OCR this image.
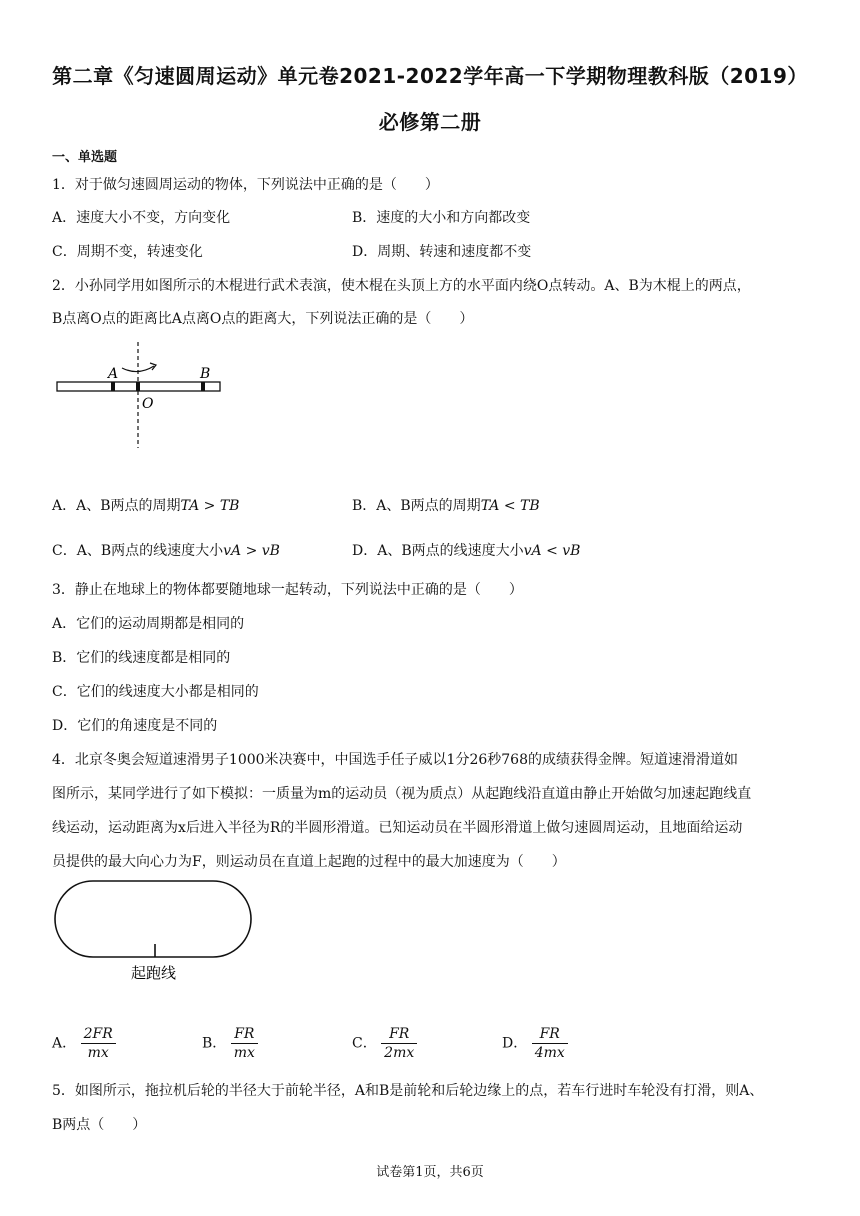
第二章《匀速圆周运动》单元卷2021-2022学年高一下学期物理教科版（2019）
必修第二册
一、单选题
1．对于做匀速圆周运动的物体，下列说法中正确的是（　　）
A．速度大小不变，方向变化	B．速度的大小和方向都改变
C．周期不变，转速变化	D．周期、转速和速度都不变
2．小孙同学用如图所示的木棍进行武术表演，使木棍在头顶上方的水平面内绕O点转动。A、B为木棍上的两点，
B点离O点的距离比A点离O点的距离大，下列说法正确的是（　　）
A	B
O
A．A、B两点的周期TA > TB	B．A、B两点的周期TA < TB
C．A、B两点的线速度大小vA > vB	D．A、B两点的线速度大小vA < vB
3．静止在地球上的物体都要随地球一起转动，下列说法中正确的是（　　）
A．它们的运动周期都是相同的
B．它们的线速度都是相同的
C．它们的线速度大小都是相同的
D．它们的角速度是不同的
4．北京冬奥会短道速滑男子1000米决赛中，中国选手任子威以1分26秒768的成绩获得金牌。短道速滑滑道如
图所示，某同学进行了如下模拟：一质量为m的运动员（视为质点）从起跑线沿直道由静止开始做匀加速起跑线直
线运动，运动距离为x后进入半径为R的半圆形滑道。已知运动员在半圆形滑道上做匀速圆周运动，且地面给运动
员提供的最大向心力为F，则运动员在直道上起跑的过程中的最大加速度为（　　）
起跑线
A． $\frac{2FR}{mx}$	B． $\frac{FR}{mx}$	C． $\frac{FR}{2mx}$	D． $\frac{FR}{4mx}$
5．如图所示，拖拉机后轮的半径大于前轮半径，A和B是前轮和后轮边缘上的点，若车行进时车轮没有打滑，则A、
B两点（　　）
试卷第1页，共6页
